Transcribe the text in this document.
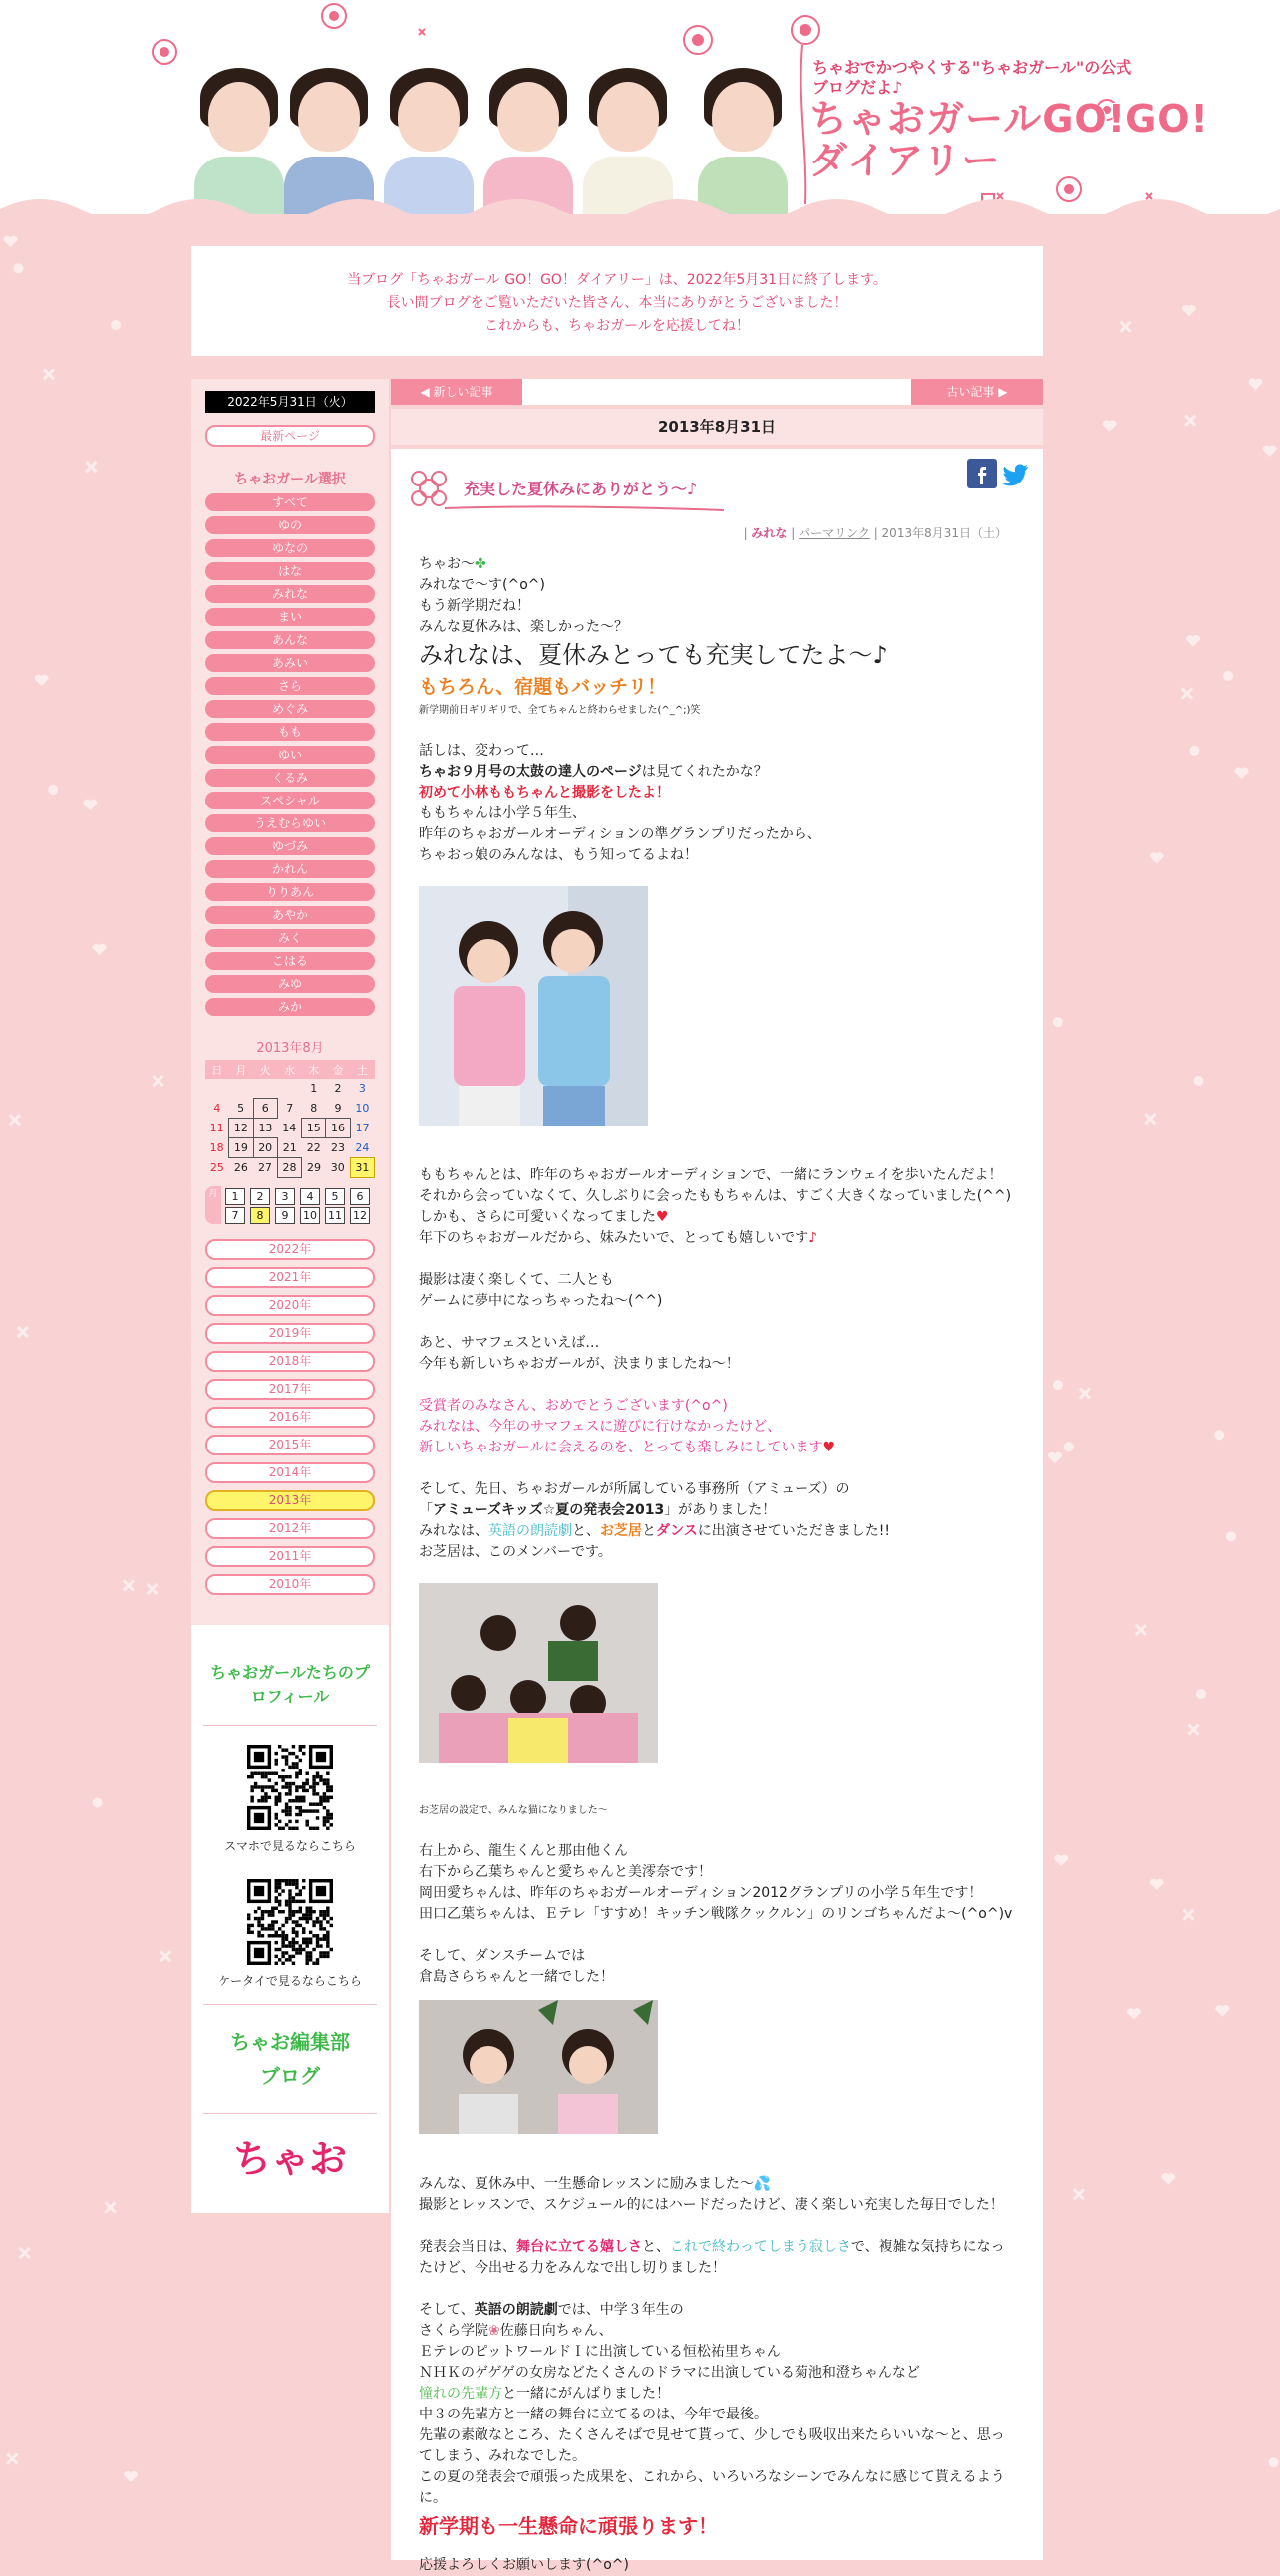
ちゃおでかつやくする"ちゃおガール"の公式ブログだよ♪
ちゃおガールGO!GO!
ダイアリー
当ブログ「ちゃおガール GO！GO！ダイアリー」は、2022年5月31日に終了します。
長い間ブログをご覧いただいた皆さん、本当にありがとうございました！
これからも、ちゃおガールを応援してね！
2022年5月31日（火）
最新ページ
ちゃおガール選択
すべて
ゆの
ゆなの
はな
みれな
まい
あんな
あみい
さら
めぐみ
もも
ゆい
くるみ
スペシャル
うえむらゆい
ゆづみ
かれん
りりあん
あやか
みく
こはる
みゆ
みか
2013年8月
日	月	火	水	木	金	土
				1	2	3
4	5	6	7	8	9	10
11	12	13	14	15	16	17
18	19	20	21	22	23	24
25	26	27	28	29	30	31
月	1	2	3	4	5	6
7	8	9	10 11 12
2022年
2021年
2020年
2019年
2018年
2017年
2016年
2015年
2014年
2013年
2012年
2011年
2010年
ちゃおガールたちのプロフィール
スマホで見るならこちら
ケータイで見るならこちら
ちゃお編集部ブログ
ちゃお
◀ 新しい記事	古い記事 ▶
2013年8月31日
充実した夏休みにありがとう～♪
| みれな | パーマリンク | 2013年8月31日（土）

ちゃお～✤

みれなで～す(^o^)

もう新学期だね！

みんな夏休みは、楽しかった～？

みれなは、夏休みとっても充実してたよ～♪

もちろん、宿題もバッチリ！

新学期前日ギリギリで、全てちゃんと終わらせました(^_^;)笑

話しは、変わって…

ちゃお９月号の太鼓の達人のページは見てくれたかな？

初めて小林ももちゃんと撮影をしたよ！

ももちゃんは小学５年生、

昨年のちゃおガールオーディションの準グランプリだったから、

ちゃおっ娘のみんなは、もう知ってるよね！

ももちゃんとは、昨年のちゃおガールオーディションで、一緒にランウェイを歩いたんだよ！

それから会っていなくて、久しぶりに会ったももちゃんは、すごく大きくなっていました(^^)

しかも、さらに可愛いくなってました♥

年下のちゃおガールだから、妹みたいで、とっても嬉しいです♪

撮影は凄く楽しくて、二人とも

ゲームに夢中になっちゃったね～(^^)

あと、サマフェスといえば…

今年も新しいちゃおガールが、決まりましたね～！

受賞者のみなさん、おめでとうございます(^o^)

みれなは、今年のサマフェスに遊びに行けなかったけど、

新しいちゃおガールに会えるのを、とっても楽しみにしています♥

そして、先日、ちゃおガールが所属している事務所（アミューズ）の

「アミューズキッズ☆夏の発表会2013」がありました！

みれなは、英語の朗読劇と、お芝居とダンスに出演させていただきました!!

お芝居は、このメンバーです。

お芝居の設定で、みんな猫になりました～

右上から、龍生くんと那由他くん

右下から乙葉ちゃんと愛ちゃんと美澪奈です！

岡田愛ちゃんは、昨年のちゃおガールオーディション2012グランプリの小学５年生です！

田口乙葉ちゃんは、Ｅテレ「すすめ！キッチン戦隊クックルン」のリンゴちゃんだよ～(^o^)v

そして、ダンスチームでは

倉島さらちゃんと一緒でした！

みんな、夏休み中、一生懸命レッスンに励みました～💦

撮影とレッスンで、スケジュール的にはハードだったけど、凄く楽しい充実した毎日でした！

発表会当日は、舞台に立てる嬉しさと、これで終わってしまう寂しさで、複雑な気持ちになったけど、今出せる力をみんなで出し切りました！

そして、英語の朗読劇では、中学３年生の

さくら学院❀佐藤日向ちゃん、

ＥテレのピットワールドＩに出演している恒松祐里ちゃん

ＮＨＫのゲゲゲの女房などたくさんのドラマに出演している菊池和澄ちゃんなど

憧れの先輩方と一緒にがんばりました！

中３の先輩方と一緒の舞台に立てるのは、今年で最後。

先輩の素敵なところ、たくさんそばで見せて貰って、少しでも吸収出来たらいいな～と、思ってしまう、みれなでした。

この夏の発表会で頑張った成果を、これから、いろいろなシーンでみんなに感じて貰えるように。

新学期も一生懸命に頑張ります！

応援よろしくお願いします(^o^)
